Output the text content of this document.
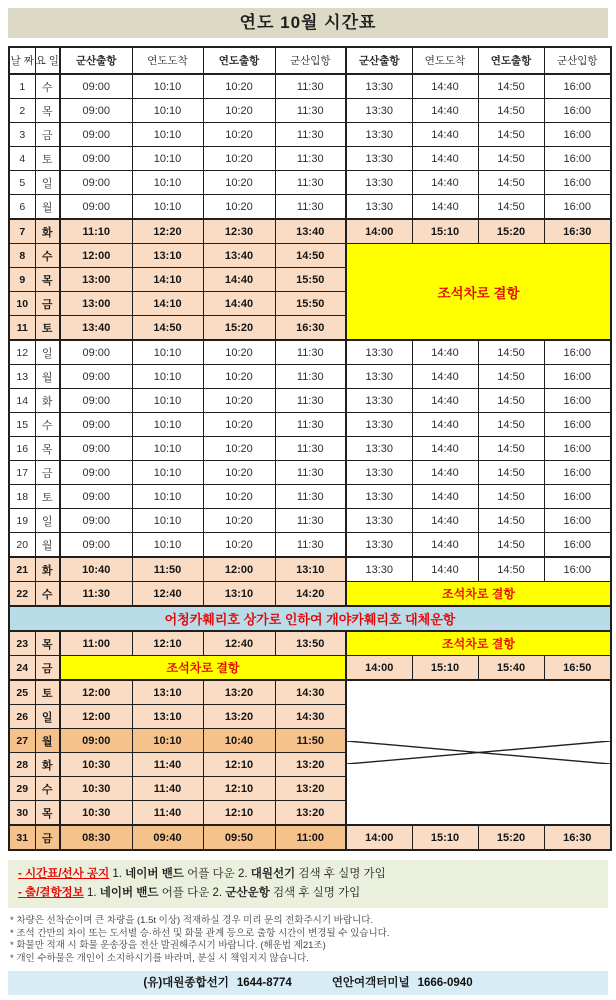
연도 10월 시간표
날 짜	요 일	군산출항	연도도착	연도출항	군산입항	군산출항	연도도착	연도출항	군산입항
1	수	09:00	10:10	10:20	11:30	13:30	14:40	14:50	16:00
2	목	09:00	10:10	10:20	11:30	13:30	14:40	14:50	16:00
3	금	09:00	10:10	10:20	11:30	13:30	14:40	14:50	16:00
4	토	09:00	10:10	10:20	11:30	13:30	14:40	14:50	16:00
5	일	09:00	10:10	10:20	11:30	13:30	14:40	14:50	16:00
6	월	09:00	10:10	10:20	11:30	13:30	14:40	14:50	16:00
7	화	11:10	12:20	12:30	13:40	14:00	15:10	15:20	16:30
8	수	12:00	13:10	13:40	14:50	조석차로 결항			
9	목	13:00	14:10	14:40	15:50				
10	금	13:00	14:10	14:40	15:50				
11	토	13:40	14:50	15:20	16:30				
12	일	09:00	10:10	10:20	11:30	13:30	14:40	14:50	16:00
13	월	09:00	10:10	10:20	11:30	13:30	14:40	14:50	16:00
14	화	09:00	10:10	10:20	11:30	13:30	14:40	14:50	16:00
15	수	09:00	10:10	10:20	11:30	13:30	14:40	14:50	16:00
16	목	09:00	10:10	10:20	11:30	13:30	14:40	14:50	16:00
17	금	09:00	10:10	10:20	11:30	13:30	14:40	14:50	16:00
18	토	09:00	10:10	10:20	11:30	13:30	14:40	14:50	16:00
19	일	09:00	10:10	10:20	11:30	13:30	14:40	14:50	16:00
20	월	09:00	10:10	10:20	11:30	13:30	14:40	14:50	16:00
21	화	10:40	11:50	12:00	13:10	13:30	14:40	14:50	16:00
22	수	11:30	12:40	13:10	14:20	조석차로 결항			
어청카훼리호 상가로 인하여 개야카훼리호 대체운항									
23	목	11:00	12:10	12:40	13:50	조석차로 결항			
24	금	조석차로 결항				14:00	15:10	15:40	16:50
25	토	12:00	13:10	13:20	14:30	

26	일	12:00	13:10	13:20	14:30				
27	월	09:00	10:10	10:40	11:50				
28	화	10:30	11:40	12:10	13:20				
29	수	10:30	11:40	12:10	13:20				
30	목	10:30	11:40	12:10	13:20				
31	금	08:30	09:40	09:50	11:00	14:00	15:10	15:20	16:30
- 시간표/선사 공지 1. 네이버 밴드 어플 다운 2. 대원선기 검색 후 실명 가입
- 출/결항정보 1. 네이버 밴드 어플 다운 2. 군산운항 검색 후 실명 가입
* 차량은 선착순이며 큰 차량을 (1.5t 이상) 적재하실 경우 미리 문의 전화주시기 바랍니다.
* 조석 간만의 차이 또는 도서별 승·하선 및 화물 관계 등으로 출항 시간이 변경될 수 있습니다.
* 화물만 적재 시 화물 운송장을 전산 발권해주시기 바랍니다. (해운법 제21조)
* 개인 수하물은 개인이 소지하시기를 바라며, 분실 시 책임지지 않습니다.
(유)대원종합선기 1644-8774	연안여객터미널 1666-0940
